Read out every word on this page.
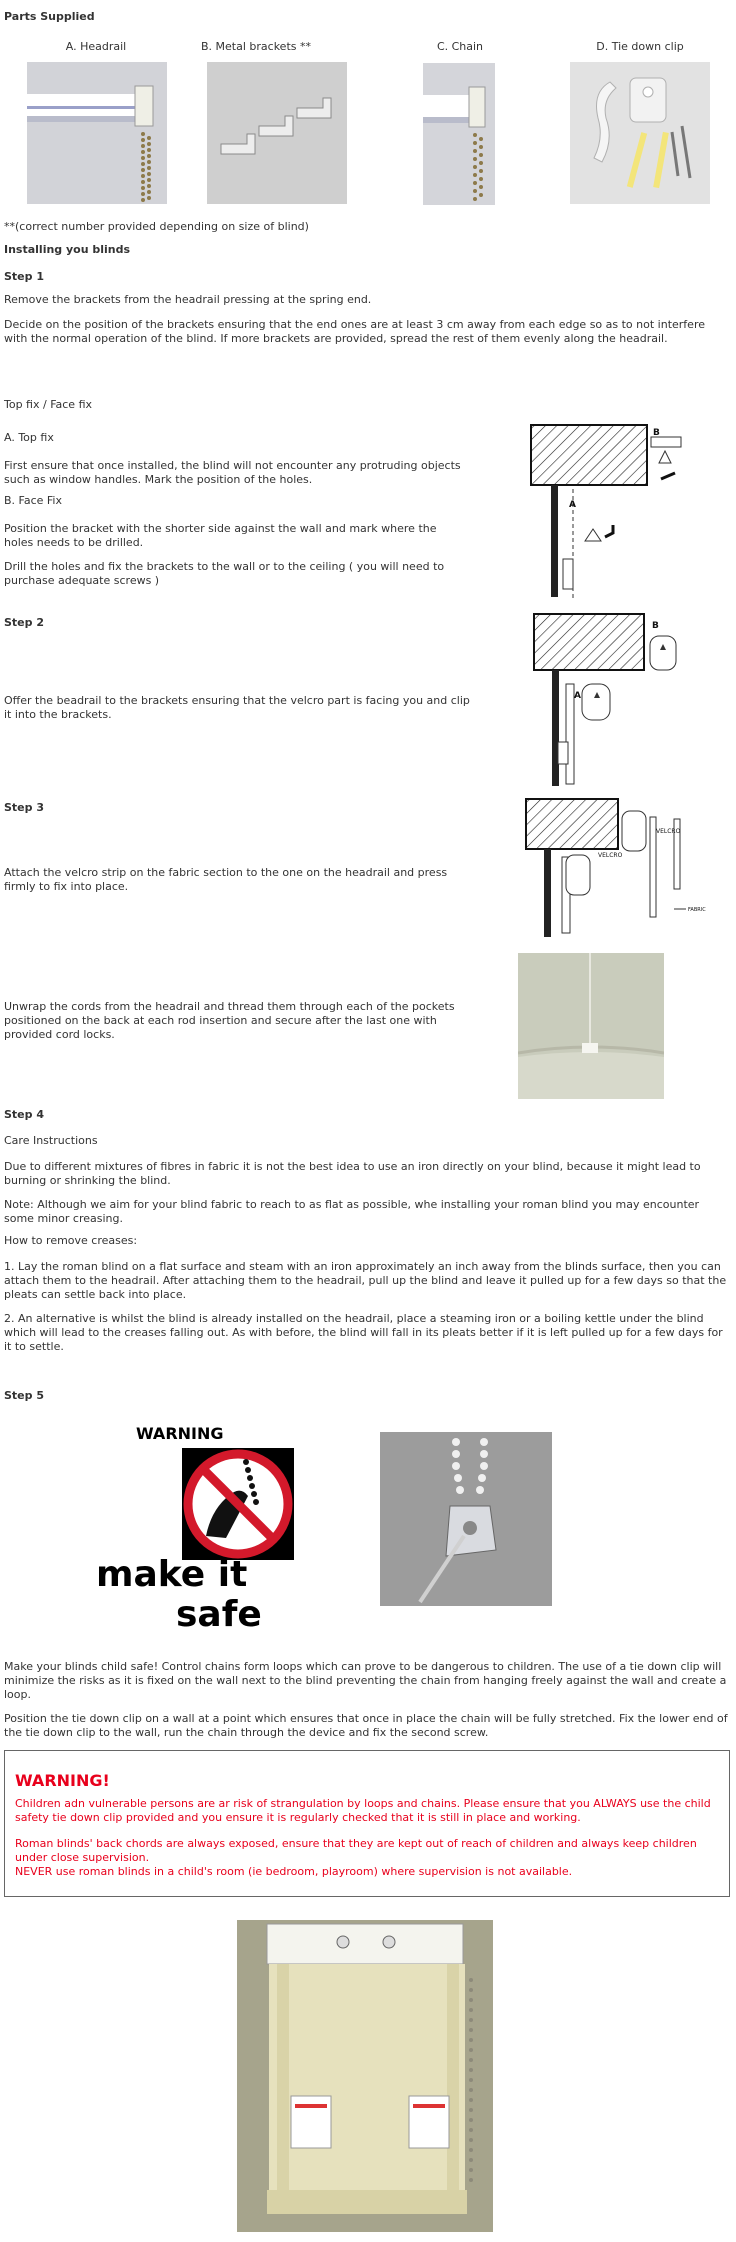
Parts Supplied
A. Headrail	B. Metal brackets **	C. Chain	D. Tie down clip
**(correct number provided depending on size of blind)
Installing you blinds
Step 1
Remove the brackets from the headrail pressing at the spring end.
Decide on the position of the brackets ensuring that the end ones are at least 3 cm away from each edge so as to not interfere with the normal operation of the blind. If more brackets are provided, spread the rest of them evenly along the headrail.
Top fix / Face fix
A. Top fix
First ensure that once installed, the blind will not encounter any protruding objects such as window handles. Mark the position of the holes.
B. Face Fix
Position the bracket with the shorter side against the wall and mark where the holes needs to be drilled.
Drill the holes and fix the brackets to the wall or to the ceiling ( you will need to purchase adequate screws )
B
A
Step 2
Offer the beadrail to the brackets ensuring that the velcro part is facing you and clip it into the brackets.
B
A
Step 3
Attach the velcro strip on the fabric section to the one on the headrail and press firmly to fix into place.
VELCRO
VELCRO
FABRIC
Unwrap the cords from the headrail and thread them through each of the pockets positioned on the back at each rod insertion and secure after the last one with provided cord locks.
Step 4
Care Instructions
Due to different mixtures of fibres in fabric it is not the best idea to use an iron directly on your blind, because it might lead to burning or shrinking the blind.
Note: Although we aim for your blind fabric to reach to as flat as possible, whe installing your roman blind you may encounter some minor creasing.
How to remove creases:
1. Lay the roman blind on a flat surface and steam with an iron approximately an inch away from the blinds surface, then you can attach them to the headrail. After attaching them to the headrail, pull up the blind and leave it pulled up for a few days so that the pleats can settle back into place.
2. An alternative is whilst the blind is already installed on the headrail, place a steaming iron or a boiling kettle under the blind which will lead to the creases falling out. As with before, the blind will fall in its pleats better if it is left pulled up for a few days for it to settle.
Step 5
WARNING
make it
safe
Make your blinds child safe! Control chains form loops which can prove to be dangerous to children. The use of a tie down clip will minimize the risks as it is fixed on the wall next to the blind preventing the chain from hanging freely against the wall and create a loop.
Position the tie down clip on a wall at a point which ensures that once in place the chain will be fully stretched. Fix the lower end of the tie down clip to the wall, run the chain through the device and fix the second screw.
WARNING!
Children adn vulnerable persons are ar risk of strangulation by loops and chains. Please ensure that you ALWAYS use the child safety tie down clip provided and you ensure it is regularly checked that it is still in place and working.
Roman blinds' back chords are always exposed, ensure that they are kept out of reach of children and always keep children under close supervision.
NEVER use roman blinds in a child's room (ie bedroom, playroom) where supervision is not available.
